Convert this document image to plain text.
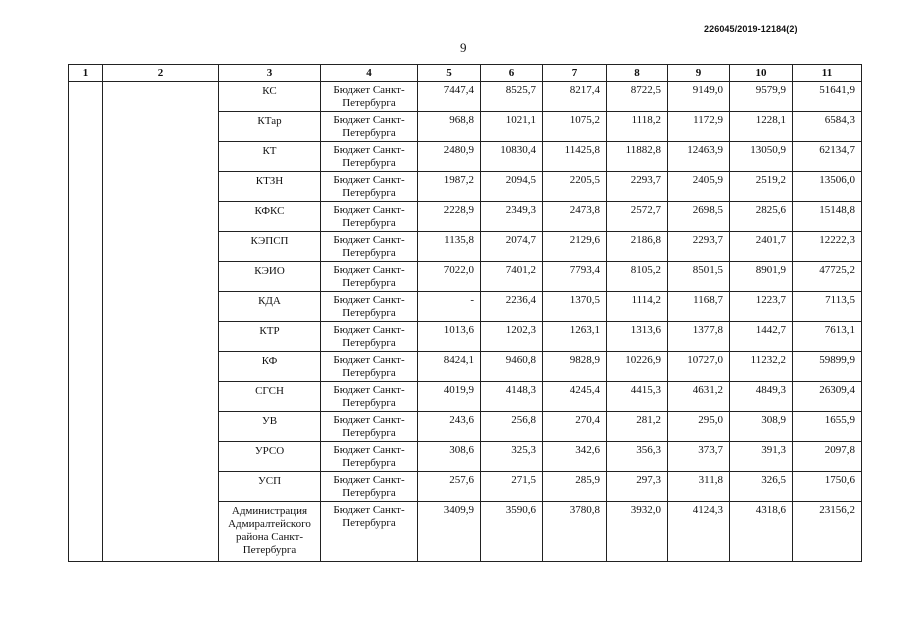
226045/2019-12184(2)
9
1	2	3	4	5	6	7	8	9	10	11
		КС	Бюджет Санкт-Петербурга	7447,4	8525,7	8217,4	8722,5	9149,0	9579,9	51641,9
		КТар	Бюджет Санкт-Петербурга	968,8	1021,1	1075,2	1118,2	1172,9	1228,1	6584,3
		КТ	Бюджет Санкт-Петербурга	2480,9	10830,4	11425,8	11882,8	12463,9	13050,9	62134,7
		КТЗН	Бюджет Санкт-Петербурга	1987,2	2094,5	2205,5	2293,7	2405,9	2519,2	13506,0
		КФКС	Бюджет Санкт-Петербурга	2228,9	2349,3	2473,8	2572,7	2698,5	2825,6	15148,8
		КЭПСП	Бюджет Санкт-Петербурга	1135,8	2074,7	2129,6	2186,8	2293,7	2401,7	12222,3
		КЭИО	Бюджет Санкт-Петербурга	7022,0	7401,2	7793,4	8105,2	8501,5	8901,9	47725,2
		КДА	Бюджет Санкт-Петербурга	-	2236,4	1370,5	1114,2	1168,7	1223,7	7113,5
		КТР	Бюджет Санкт-Петербурга	1013,6	1202,3	1263,1	1313,6	1377,8	1442,7	7613,1
		КФ	Бюджет Санкт-Петербурга	8424,1	9460,8	9828,9	10226,9	10727,0	11232,2	59899,9
		СГСН	Бюджет Санкт-Петербурга	4019,9	4148,3	4245,4	4415,3	4631,2	4849,3	26309,4
		УВ	Бюджет Санкт-Петербурга	243,6	256,8	270,4	281,2	295,0	308,9	1655,9
		УРСО	Бюджет Санкт-Петербурга	308,6	325,3	342,6	356,3	373,7	391,3	2097,8
		УСП	Бюджет Санкт-Петербурга	257,6	271,5	285,9	297,3	311,8	326,5	1750,6
		Администрация Адмиралтейского района Санкт-Петербурга	Бюджет Санкт-Петербурга	3409,9	3590,6	3780,8	3932,0	4124,3	4318,6	23156,2
